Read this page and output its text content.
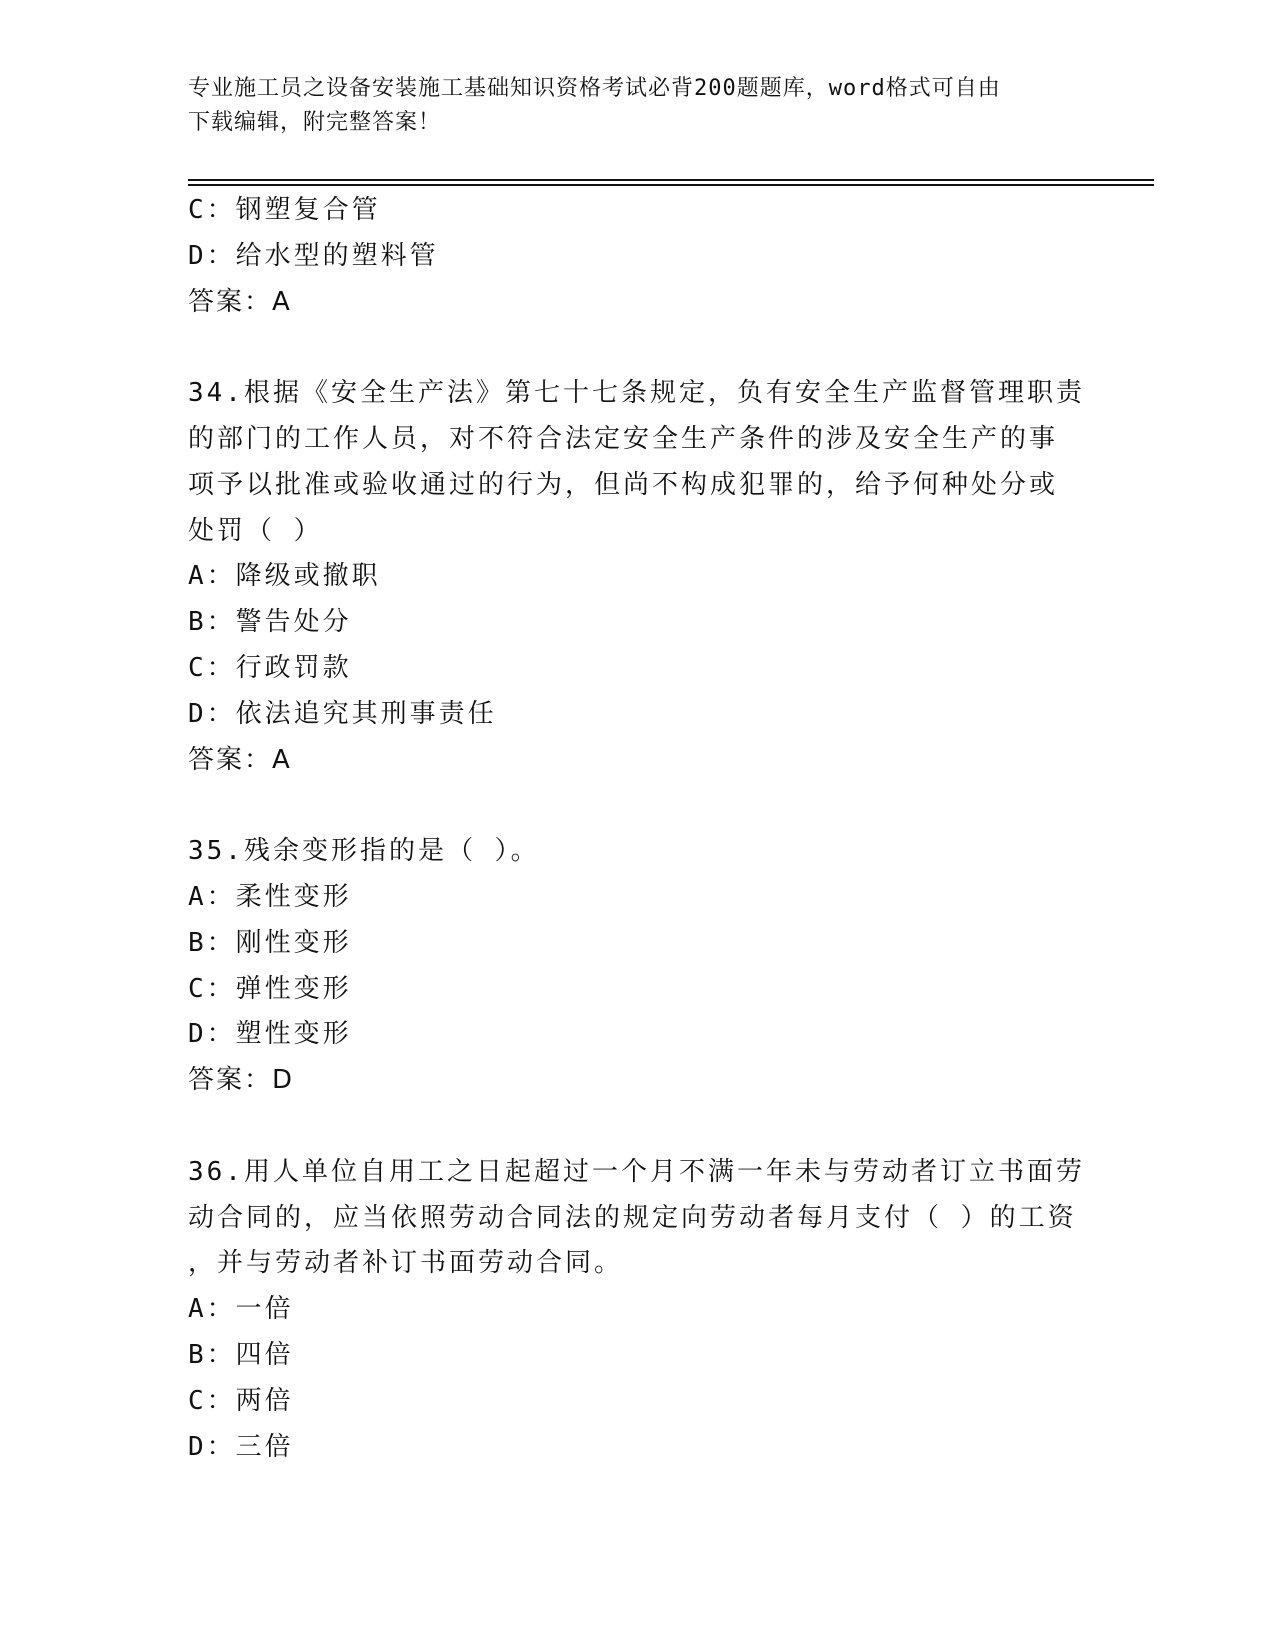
专业施工员之设备安装施工基础知识资格考试必背200题题库，word格式可自由
下载编辑，附完整答案！
C：钢塑复合管
D：给水型的塑料管
答案：A
34.根据《安全生产法》第七十七条规定，负有安全生产监督管理职责
的部门的工作人员，对不符合法定安全生产条件的涉及安全生产的事
项予以批准或验收通过的行为，但尚不构成犯罪的，给予何种处分或
处罚（ ）
A：降级或撤职
B：警告处分
C：行政罚款
D：依法追究其刑事责任
答案：A
35.残余变形指的是（ ）。
A：柔性变形
B：刚性变形
C：弹性变形
D：塑性变形
答案：D
36.用人单位自用工之日起超过一个月不满一年未与劳动者订立书面劳
动合同的，应当依照劳动合同法的规定向劳动者每月支付（ ）的工资
，并与劳动者补订书面劳动合同。
A：一倍
B：四倍
C：两倍
D：三倍
